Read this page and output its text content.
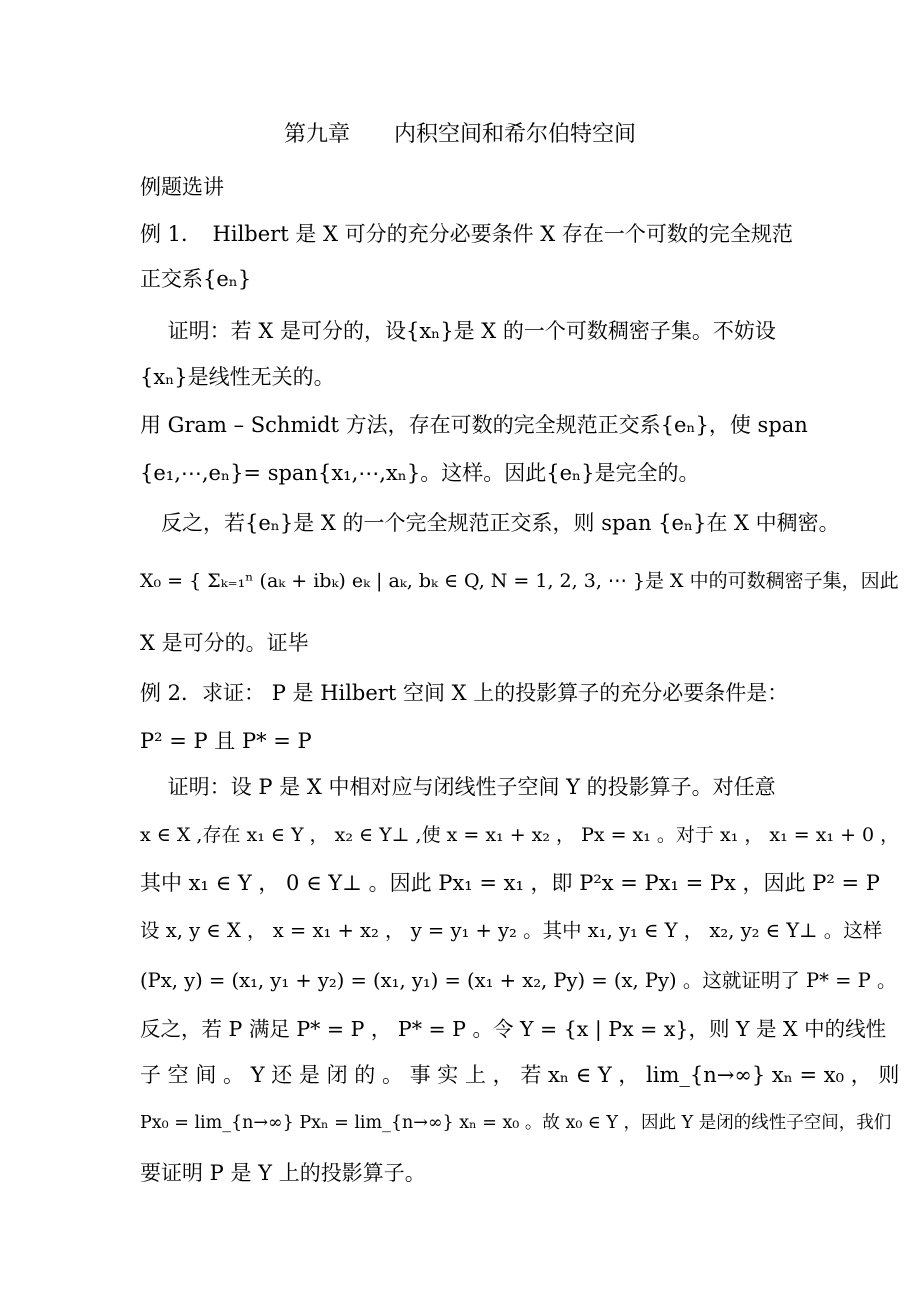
第九章　　内积空间和希尔伯特空间
例题选讲
例 1．　Hilbert 是 X 可分的充分必要条件 X 存在一个可数的完全规范
正交系{eₙ}
　 证明：若 X 是可分的，设{xₙ}是 X 的一个可数稠密子集。不妨设
{xₙ}是线性无关的。
用 Gram – Schmidt 方法，存在可数的完全规范正交系{eₙ}，使 span
{e₁,⋯,eₙ}= span{x₁,⋯,xₙ}。这样。因此{eₙ}是完全的。
　反之，若{eₙ}是 X 的一个完全规范正交系，则 span {eₙ}在 X 中稠密。
X₀ = { Σₖ₌₁ⁿ (aₖ + ibₖ) eₖ | aₖ, bₖ ∈ Q, N = 1, 2, 3, ⋯ }是 X 中的可数稠密子集，因此
X 是可分的。证毕
例 2．求证： P 是 Hilbert 空间 X 上的投影算子的充分必要条件是：
P² = P 且 P* = P
　 证明：设 P 是 X 中相对应与闭线性子空间 Y 的投影算子。对任意
x ∈ X ,存在 x₁ ∈ Y ， x₂ ∈ Y⊥ ,使 x = x₁ + x₂ ， Px = x₁ 。对于 x₁ ， x₁ = x₁ + 0 ，
其中 x₁ ∈ Y ， 0 ∈ Y⊥ 。因此 Px₁ = x₁ ，即 P²x = Px₁ = Px ，因此 P² = P
设 x, y ∈ X ， x = x₁ + x₂ ， y = y₁ + y₂ 。其中 x₁, y₁ ∈ Y ， x₂, y₂ ∈ Y⊥ 。这样
(Px, y) = (x₁, y₁ + y₂) = (x₁, y₁) = (x₁ + x₂, Py) = (x, Py) 。这就证明了 P* = P 。
反之，若 P 满足 P* = P ， P* = P 。令 Y = {x | Px = x}，则 Y 是 X 中的线性
子 空 间 。 Y 还 是 闭 的 。 事 实 上 ， 若 xₙ ∈ Y ， lim_{n→∞} xₙ = x₀ ， 则
Px₀ = lim_{n→∞} Pxₙ = lim_{n→∞} xₙ = x₀ 。故 x₀ ∈ Y ，因此 Y 是闭的线性子空间，我们
要证明 P 是 Y 上的投影算子。
